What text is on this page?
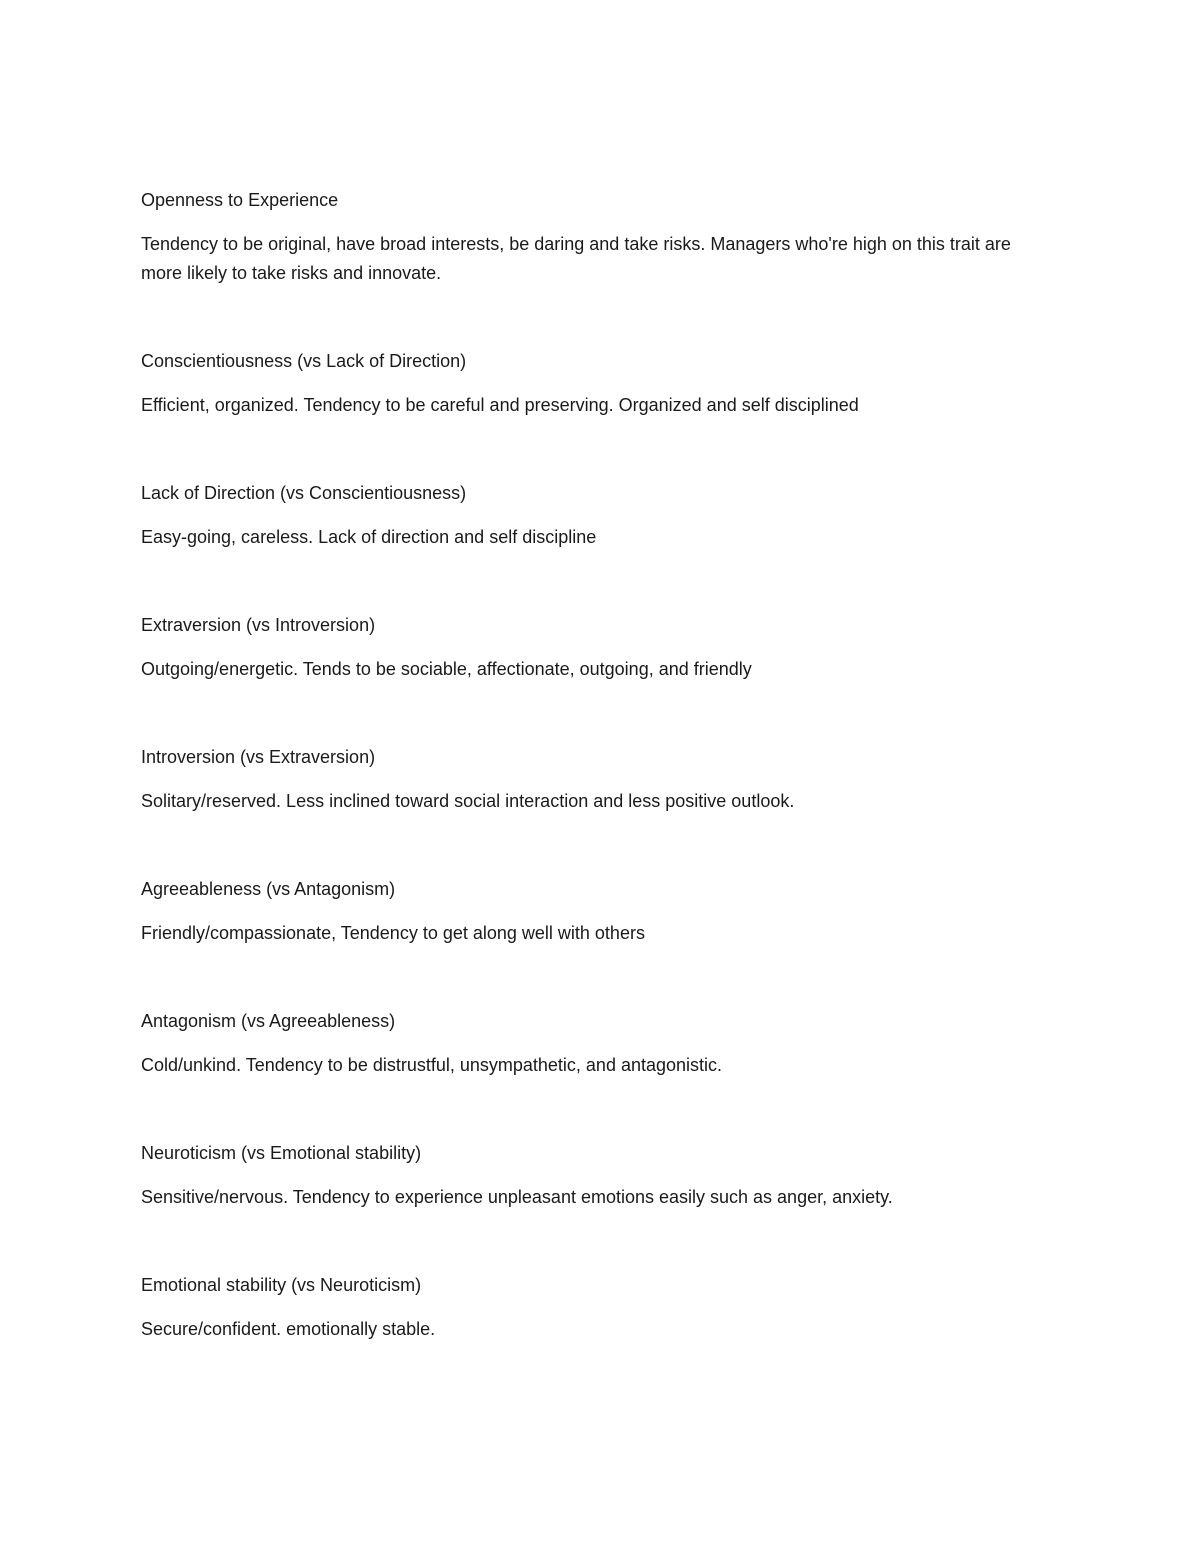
Openness to Experience

Tendency to be original, have broad interests, be daring and take risks. Managers who're high on this trait are more likely to take risks and innovate.

Conscientiousness (vs Lack of Direction)

Efficient, organized. Tendency to be careful and preserving. Organized and self disciplined

Lack of Direction (vs Conscientiousness)

Easy-going, careless. Lack of direction and self discipline

Extraversion (vs Introversion)

Outgoing/energetic. Tends to be sociable, affectionate, outgoing, and friendly

Introversion (vs Extraversion)

Solitary/reserved. Less inclined toward social interaction and less positive outlook.

Agreeableness (vs Antagonism)

Friendly/compassionate, Tendency to get along well with others

Antagonism (vs Agreeableness)

Cold/unkind. Tendency to be distrustful, unsympathetic, and antagonistic.

Neuroticism (vs Emotional stability)

Sensitive/nervous. Tendency to experience unpleasant emotions easily such as anger, anxiety.

Emotional stability (vs Neuroticism)

Secure/confident. emotionally stable.
